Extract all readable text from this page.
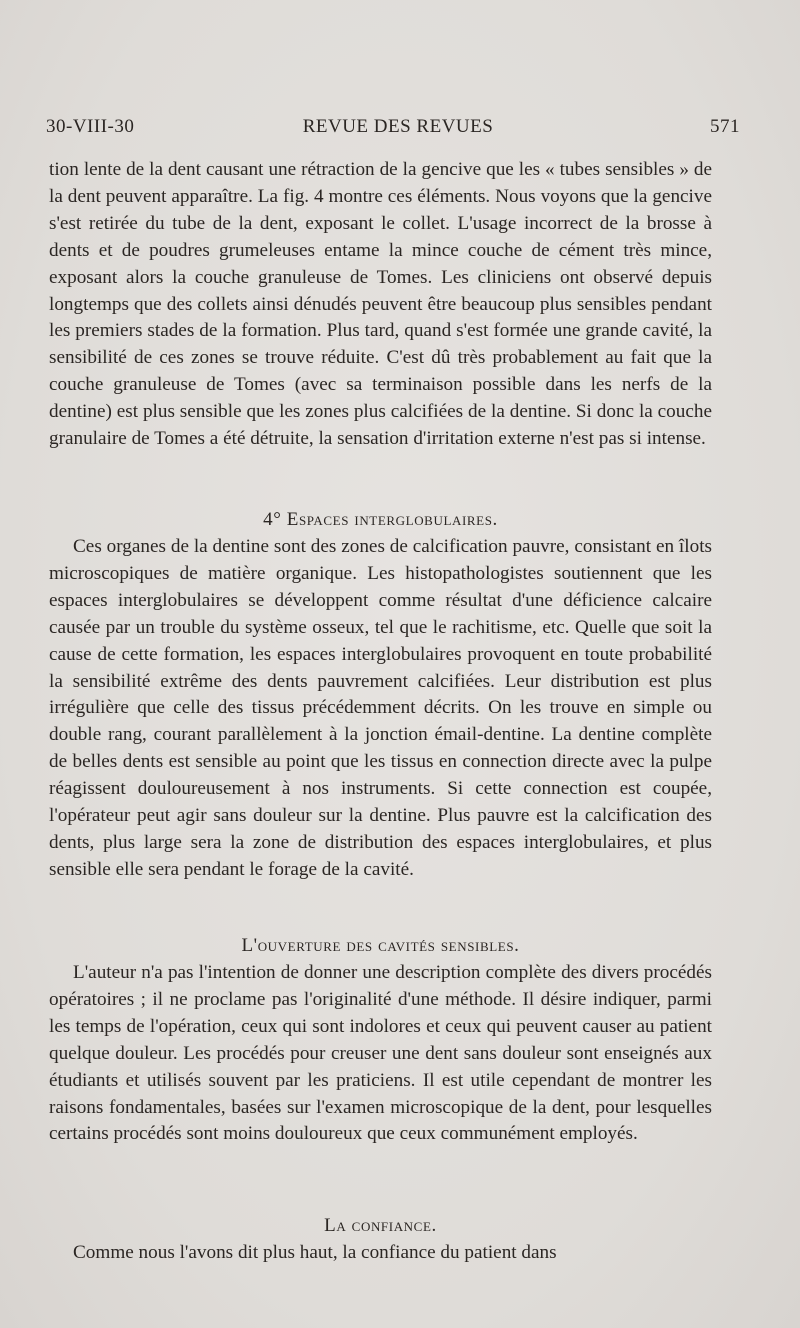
30-VIII-30	REVUE DES REVUES	571

tion lente de la dent causant une rétraction de la gencive que les « tubes sensibles » de la dent peuvent apparaître. La fig. 4 montre ces éléments. Nous voyons que la gencive s'est retirée du tube de la dent, exposant le collet. L'usage incorrect de la brosse à dents et de poudres grumeleuses entame la mince couche de cément très mince, exposant alors la couche granuleuse de Tomes. Les cliniciens ont observé depuis longtemps que des collets ainsi dénudés peuvent être beaucoup plus sensibles pendant les premiers stades de la formation. Plus tard, quand s'est formée une grande cavité, la sensibilité de ces zones se trouve réduite. C'est dû très probablement au fait que la couche granuleuse de Tomes (avec sa terminaison possible dans les nerfs de la dentine) est plus sensible que les zones plus calcifiées de la dentine. Si donc la couche granulaire de Tomes a été détruite, la sensation d'irritation externe n'est pas si intense.

4° Espaces interglobulaires.

Ces organes de la dentine sont des zones de calcification pauvre, consistant en îlots microscopiques de matière organique. Les histopathologistes soutiennent que les espaces interglobulaires se développent comme résultat d'une déficience calcaire causée par un trouble du système osseux, tel que le rachitisme, etc. Quelle que soit la cause de cette formation, les espaces interglobulaires provoquent en toute probabilité la sensibilité extrême des dents pauvrement calcifiées. Leur distribution est plus irrégulière que celle des tissus précédemment décrits. On les trouve en simple ou double rang, courant parallèlement à la jonction émail-dentine. La dentine complète de belles dents est sensible au point que les tissus en connection directe avec la pulpe réagissent douloureusement à nos instruments. Si cette connection est coupée, l'opérateur peut agir sans douleur sur la dentine. Plus pauvre est la calcification des dents, plus large sera la zone de distribution des espaces interglobulaires, et plus sensible elle sera pendant le forage de la cavité.

L'ouverture des cavités sensibles.

L'auteur n'a pas l'intention de donner une description complète des divers procédés opératoires ; il ne proclame pas l'originalité d'une méthode. Il désire indiquer, parmi les temps de l'opération, ceux qui sont indolores et ceux qui peuvent causer au patient quelque douleur. Les procédés pour creuser une dent sans douleur sont enseignés aux étudiants et utilisés souvent par les praticiens. Il est utile cependant de montrer les raisons fondamentales, basées sur l'examen microscopique de la dent, pour lesquelles certains procédés sont moins douloureux que ceux communément employés.

La confiance.

Comme nous l'avons dit plus haut, la confiance du patient dans
